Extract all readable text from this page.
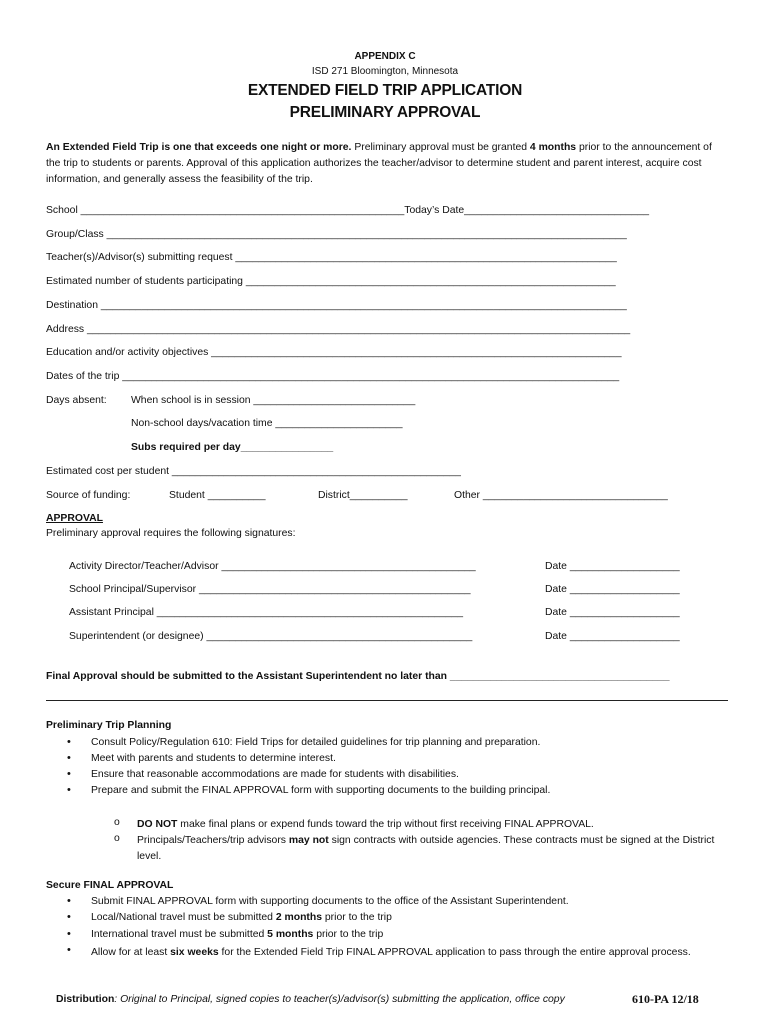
APPENDIX C
ISD 271 Bloomington, Minnesota
EXTENDED FIELD TRIP APPLICATION
PRELIMINARY APPROVAL
An Extended Field Trip is one that exceeds one night or more. Preliminary approval must be granted 4 months prior to the announcement of the trip to students or parents. Approval of this application authorizes the teacher/advisor to determine student and parent interest, acquire cost information, and generally assess the feasibility of the trip.
School ________________________________________________________Today’s Date________________________________
Group/Class __________________________________________________________________________________________
Teacher(s)/Advisor(s) submitting request __________________________________________________________________
Estimated number of students participating ________________________________________________________________
Destination ___________________________________________________________________________________________
Address ______________________________________________________________________________________________
Education and/or activity objectives _______________________________________________________________________
Dates of the trip ______________________________________________________________________________________
Days absent: When school is in session ____________________________
Non-school days/vacation time ______________________
Subs required per day________________
Estimated cost per student __________________________________________________
Source of funding:	Student __________	District__________	Other ________________________________
APPROVAL
Preliminary approval requires the following signatures:
Activity Director/Teacher/Advisor ____________________________________________	Date ___________________
School Principal/Supervisor _______________________________________________	Date ___________________
Assistant Principal _____________________________________________________	Date ___________________
Superintendent (or designee) ______________________________________________	Date ___________________
Final Approval should be submitted to the Assistant Superintendent no later than ______________________________________
Preliminary Trip Planning
• Consult Policy/Regulation 610: Field Trips for detailed guidelines for trip planning and preparation.
• Meet with parents and students to determine interest.
• Ensure that reasonable accommodations are made for students with disabilities.
• Prepare and submit the FINAL APPROVAL form with supporting documents to the building principal.
o DO NOT make final plans or expend funds toward the trip without first receiving FINAL APPROVAL.
o Principals/Teachers/trip advisors may not sign contracts with outside agencies. These contracts must be signed at the District level.
Secure FINAL APPROVAL
• Submit FINAL APPROVAL form with supporting documents to the office of the Assistant Superintendent.
• Local/National travel must be submitted 2 months prior to the trip
• International travel must be submitted 5 months prior to the trip
• Allow for at least six weeks for the Extended Field Trip FINAL APPROVAL application to pass through the entire approval process.
Distribution: Original to Principal, signed copies to teacher(s)/advisor(s) submitting the application, office copy	610-PA 12/18
